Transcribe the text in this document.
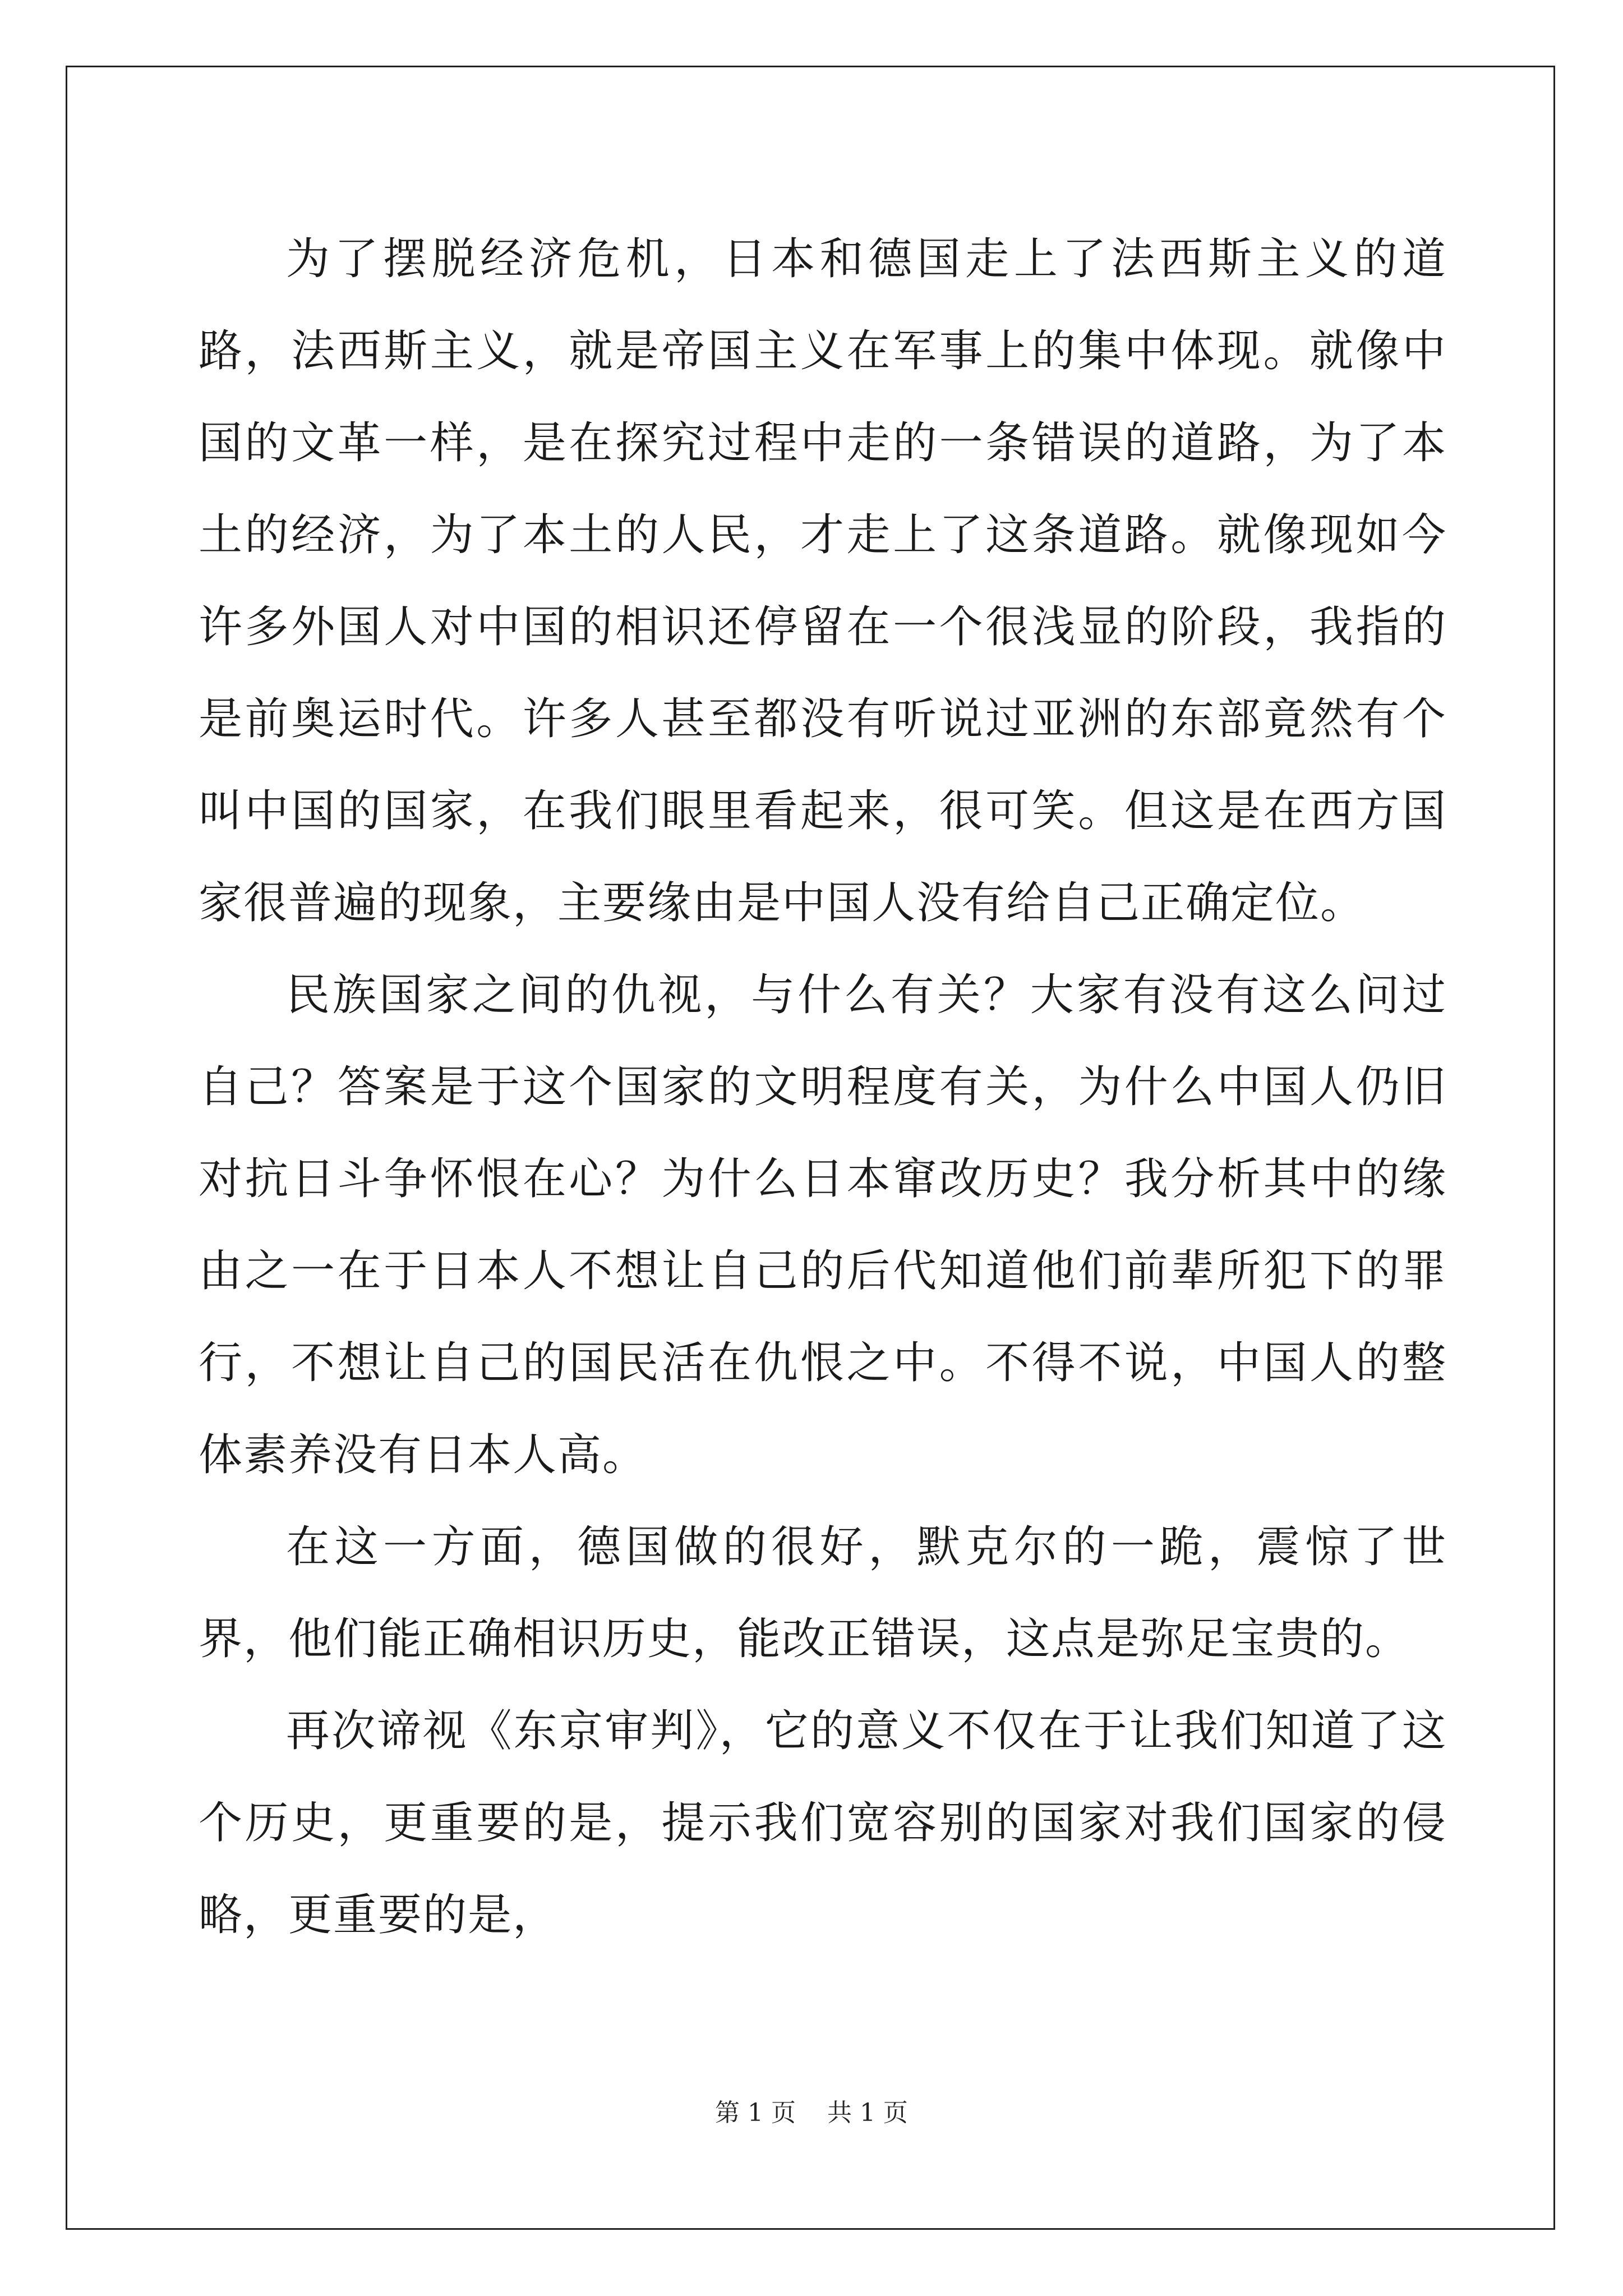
为了摆脱经济危机，日本和德国走上了法西斯主义的道路，法西斯主义，就是帝国主义在军事上的集中体现。就像中国的文革一样，是在探究过程中走的一条错误的道路，为了本土的经济，为了本土的人民，才走上了这条道路。就像现如今许多外国人对中国的相识还停留在一个很浅显的阶段，我指的是前奥运时代。许多人甚至都没有听说过亚洲的东部竟然有个叫中国的国家，在我们眼里看起来，很可笑。但这是在西方国家很普遍的现象，主要缘由是中国人没有给自己正确定位。

民族国家之间的仇视，与什么有关？大家有没有这么问过自己？答案是于这个国家的文明程度有关，为什么中国人仍旧对抗日斗争怀恨在心？为什么日本窜改历史？我分析其中的缘由之一在于日本人不想让自己的后代知道他们前辈所犯下的罪行，不想让自己的国民活在仇恨之中。不得不说，中国人的整体素养没有日本人高。

在这一方面，德国做的很好，默克尔的一跪，震惊了世界，他们能正确相识历史，能改正错误，这点是弥足宝贵的。

再次谛视《东京审判》，它的意义不仅在于让我们知道了这个历史，更重要的是，提示我们宽容别的国家对我们国家的侵略，更重要的是，

第 1 页 共 1 页
